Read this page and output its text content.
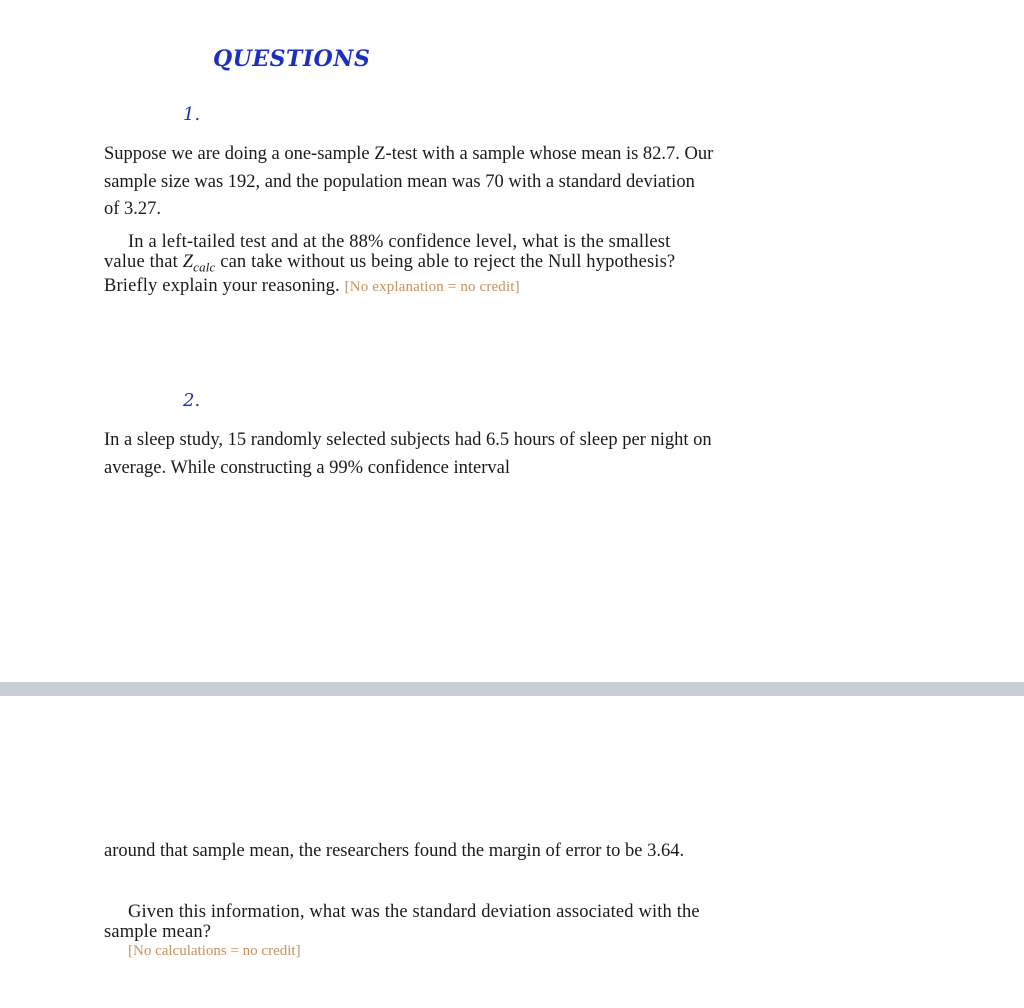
QUESTIONS
1.
Suppose we are doing a one-sample Z-test with a sample whose mean is 82.7. Our sample size was 192, and the population mean was 70 with a standard deviation of 3.27.
In a left-tailed test and at the 88% confidence level, what is the smallest value that $Z_{calc}$ can take without us being able to reject the Null hypothesis? Briefly explain your reasoning. [No explanation = no credit]
2.
In a sleep study, 15 randomly selected subjects had 6.5 hours of sleep per night on average. While constructing a 99% confidence interval
around that sample mean, the researchers found the margin of error to be 3.64.
Given this information, what was the standard deviation associated with the sample mean?
[No calculations = no credit]
